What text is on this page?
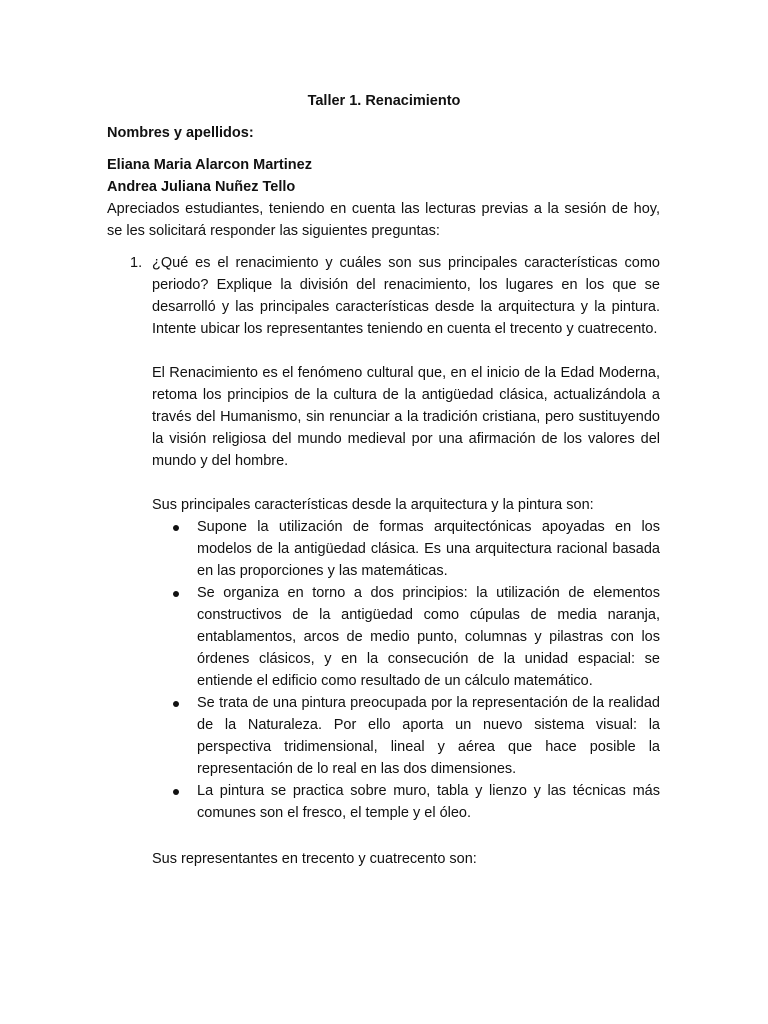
Taller 1. Renacimiento
Nombres y apellidos:
Eliana Maria Alarcon Martinez
Andrea Juliana Nuñez Tello
Apreciados estudiantes, teniendo en cuenta las lecturas previas a la sesión de hoy, se les solicitará responder las siguientes preguntas:
1. ¿Qué es el renacimiento y cuáles son sus principales características como periodo? Explique la división del renacimiento, los lugares en los que se desarrolló y las principales características desde la arquitectura y la pintura. Intente ubicar los representantes teniendo en cuenta el trecento y cuatrecento.
El Renacimiento es el fenómeno cultural que, en el inicio de la Edad Moderna, retoma los principios de la cultura de la antigüedad clásica, actualizándola a través del Humanismo, sin renunciar a la tradición cristiana, pero sustituyendo la visión religiosa del mundo medieval por una afirmación de los valores del mundo y del hombre.
Sus principales características desde la arquitectura y la pintura son:
Supone la utilización de formas arquitectónicas apoyadas en los modelos de la antigüedad clásica. Es una arquitectura racional basada en las proporciones y las matemáticas.
Se organiza en torno a dos principios: la utilización de elementos constructivos de la antigüedad como cúpulas de media naranja, entablamentos, arcos de medio punto, columnas y pilastras con los órdenes clásicos, y en la consecución de la unidad espacial: se entiende el edificio como resultado de un cálculo matemático.
Se trata de una pintura preocupada por la representación de la realidad de la Naturaleza. Por ello aporta un nuevo sistema visual: la perspectiva tridimensional, lineal y aérea que hace posible la representación de lo real en las dos dimensiones.
La pintura se practica sobre muro, tabla y lienzo y las técnicas más comunes son el fresco, el temple y el óleo.
Sus representantes en trecento y cuatrecento son:
